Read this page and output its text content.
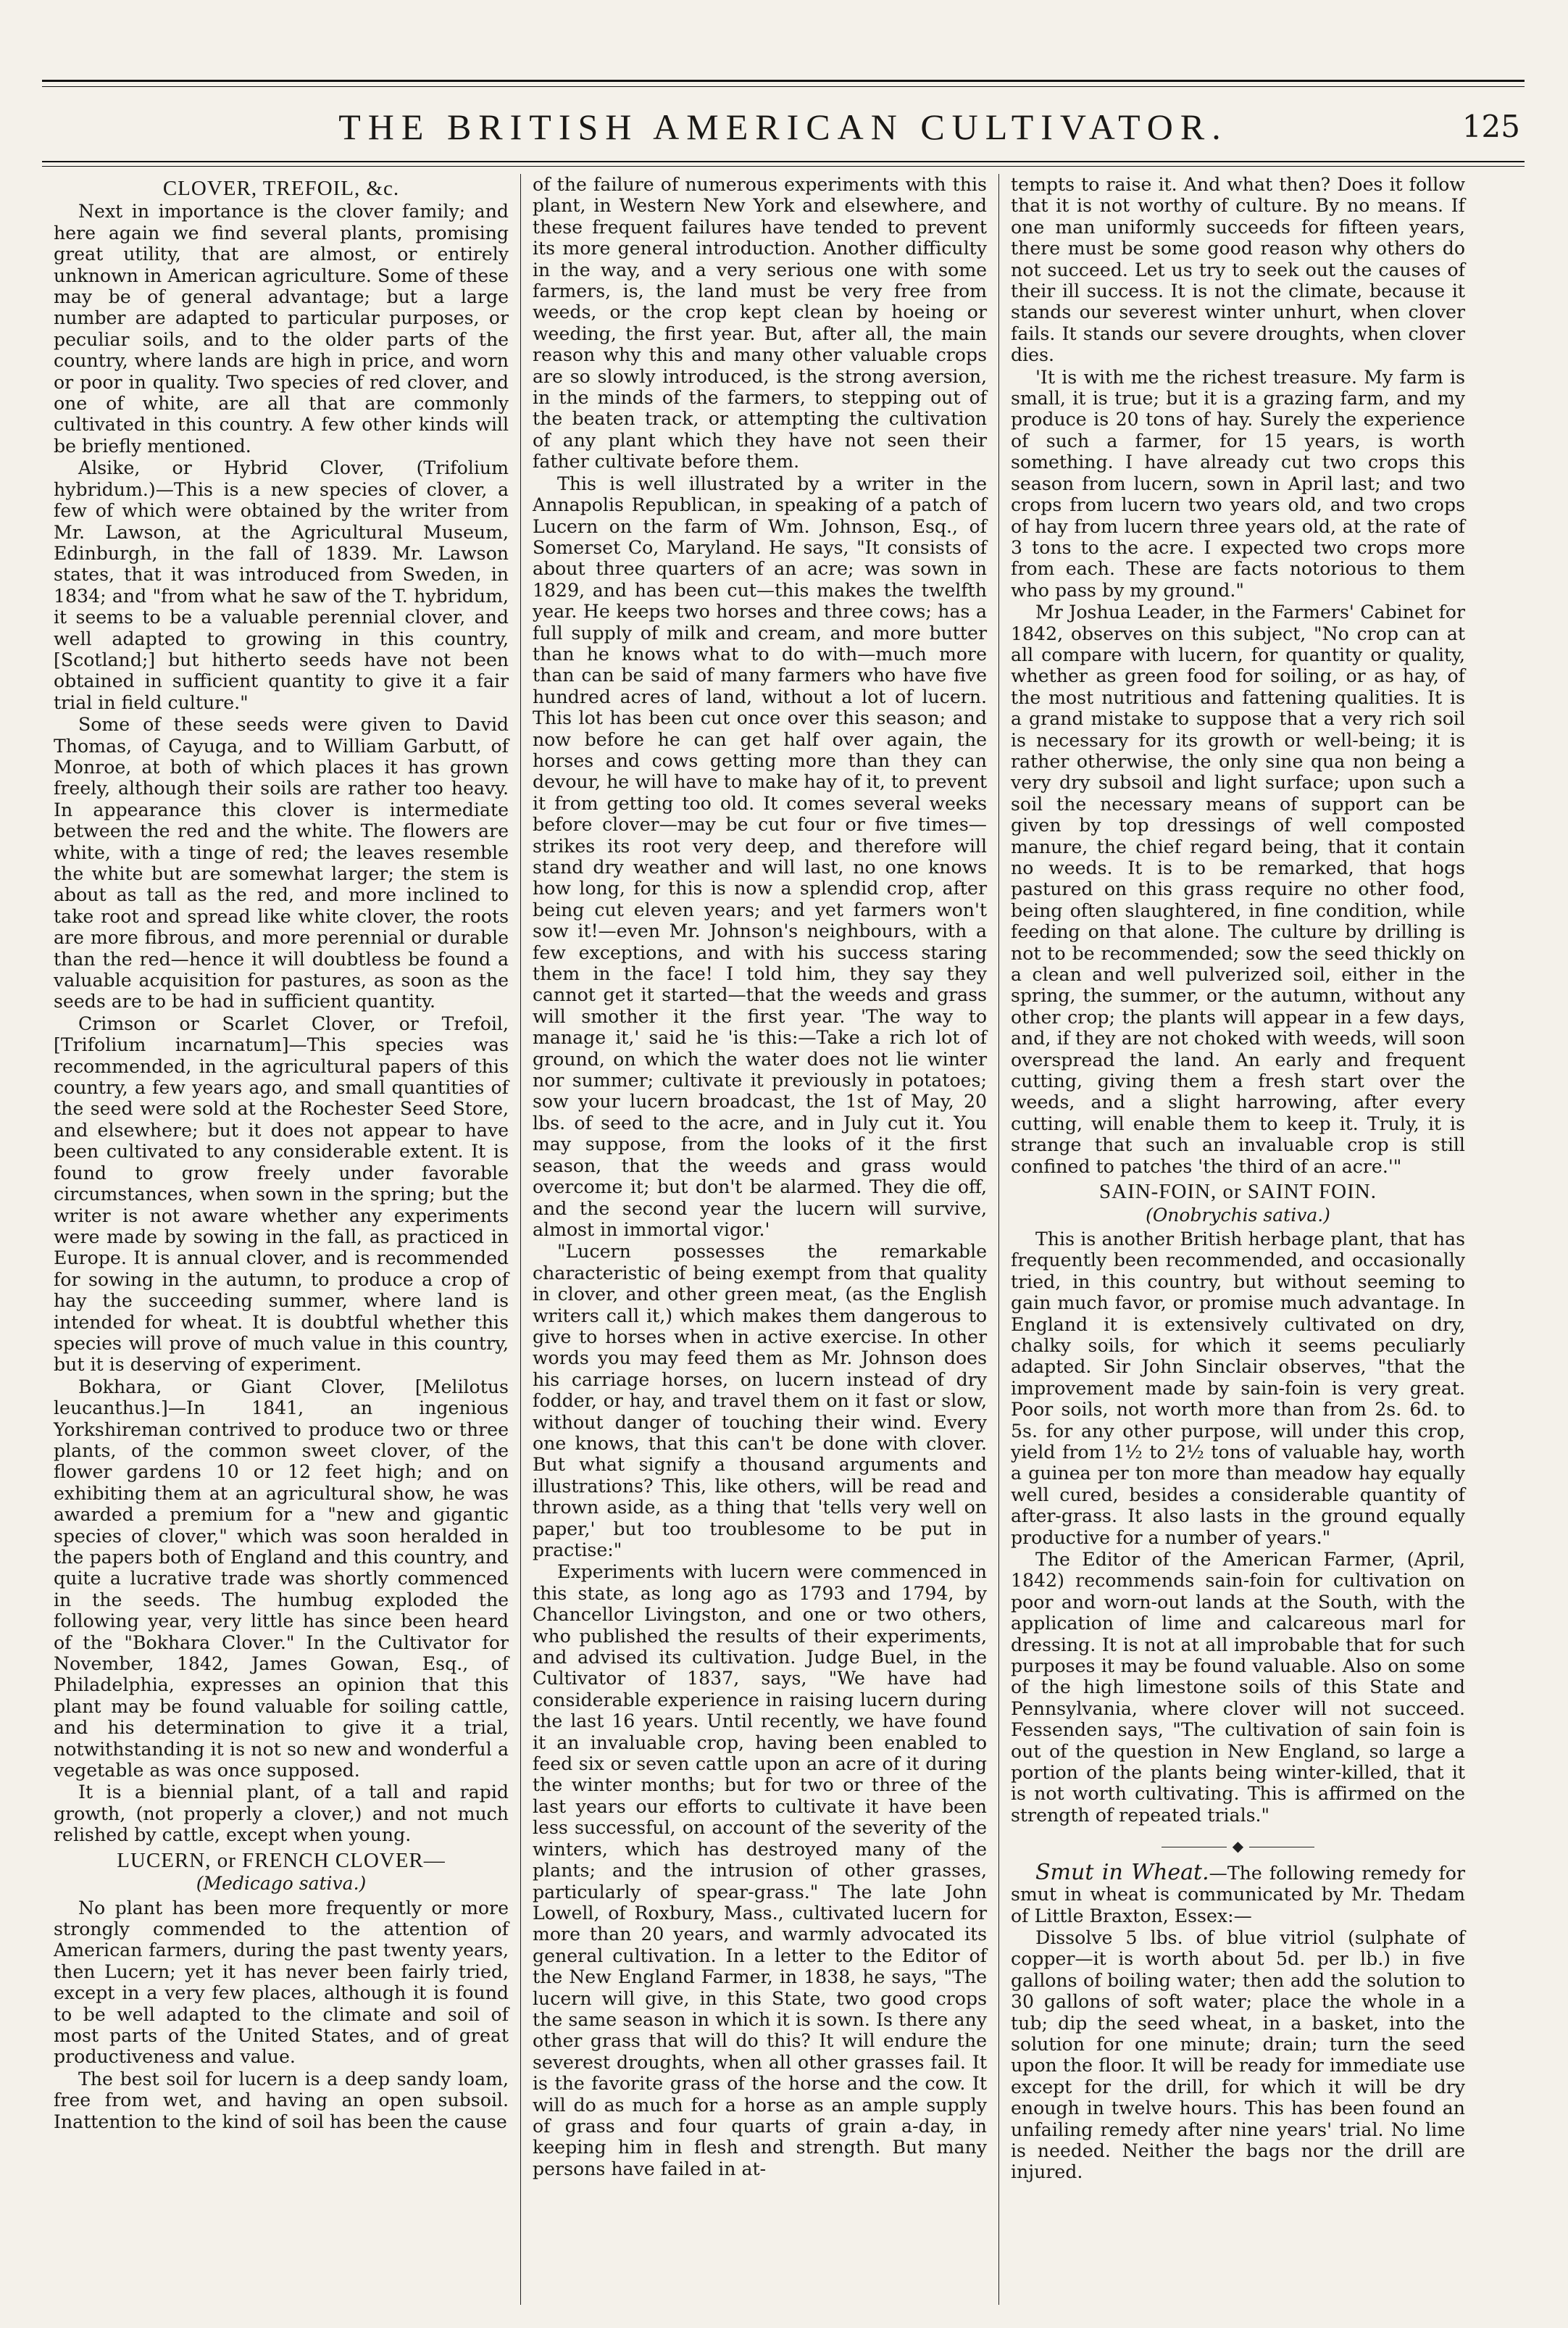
THE BRITISH AMERICAN CULTIVATOR.	125
CLOVER, TREFOIL, &c.

Next in importance is the clover family; and here again we find several plants, promising great utility, that are almost, or entirely unknown in American agriculture. Some of these may be of general advantage; but a large number are adapted to particular purposes, or peculiar soils, and to the older parts of the country, where lands are high in price, and worn or poor in quality. Two species of red clover, and one of white, are all that are commonly cultivated in this country. A few other kinds will be briefly mentioned.

Alsike, or Hybrid Clover, (Trifolium hybridum.)—This is a new species of clover, a few of which were obtained by the writer from Mr. Lawson, at the Agricultural Museum, Edinburgh, in the fall of 1839. Mr. Lawson states, that it was introduced from Sweden, in 1834; and "from what he saw of the T. hybridum, it seems to be a valuable perennial clover, and well adapted to growing in this country, [Scotland;] but hitherto seeds have not been obtained in sufficient quantity to give it a fair trial in field culture."

Some of these seeds were given to David Thomas, of Cayuga, and to William Garbutt, of Monroe, at both of which places it has grown freely, although their soils are rather too heavy. In appearance this clover is intermediate between the red and the white. The flowers are white, with a tinge of red; the leaves resemble the white but are somewhat larger; the stem is about as tall as the red, and more inclined to take root and spread like white clover, the roots are more fibrous, and more perennial or durable than the red—hence it will doubtless be found a valuable acquisition for pastures, as soon as the seeds are to be had in sufficient quantity.

Crimson or Scarlet Clover, or Trefoil, [Trifolium incarnatum]—This species was recommended, in the agricultural papers of this country, a few years ago, and small quantities of the seed were sold at the Rochester Seed Store, and elsewhere; but it does not appear to have been cultivated to any considerable extent. It is found to grow freely under favorable circumstances, when sown in the spring; but the writer is not aware whether any experiments were made by sowing in the fall, as practiced in Europe. It is annual clover, and is recommended for sowing in the autumn, to produce a crop of hay the succeeding summer, where land is intended for wheat. It is doubtful whether this species will prove of much value in this country, but it is deserving of experiment.

Bokhara, or Giant Clover, [Melilotus leucanthus.]—In 1841, an ingenious Yorkshireman contrived to produce two or three plants, of the common sweet clover, of the flower gardens 10 or 12 feet high; and on exhibiting them at an agricultural show, he was awarded a premium for a "new and gigantic species of clover," which was soon heralded in the papers both of England and this country, and quite a lucrative trade was shortly commenced in the seeds. The humbug exploded the following year, very little has since been heard of the "Bokhara Clover." In the Cultivator for November, 1842, James Gowan, Esq., of Philadelphia, expresses an opinion that this plant may be found valuable for soiling cattle, and his determination to give it a trial, notwithstanding it is not so new and wonderful a vegetable as was once supposed.

It is a biennial plant, of a tall and rapid growth, (not properly a clover,) and not much relished by cattle, except when young.

LUCERN, or FRENCH CLOVER—
(Medicago sativa.)

No plant has been more frequently or more strongly commended to the attention of American farmers, during the past twenty years, then Lucern; yet it has never been fairly tried, except in a very few places, although it is found to be well adapted to the climate and soil of most parts of the United States, and of great productiveness and value.

The best soil for lucern is a deep sandy loam, free from wet, and having an open subsoil. Inattention to the kind of soil has been the cause

of the failure of numerous experiments with this plant, in Western New York and elsewhere, and these frequent failures have tended to prevent its more general introduction. Another difficulty in the way, and a very serious one with some farmers, is, the land must be very free from weeds, or the crop kept clean by hoeing or weeding, the first year. But, after all, the main reason why this and many other valuable crops are so slowly introduced, is the strong aversion, in the minds of the farmers, to stepping out of the beaten track, or attempting the cultivation of any plant which they have not seen their father cultivate before them.

This is well illustrated by a writer in the Annapolis Republican, in speaking of a patch of Lucern on the farm of Wm. Johnson, Esq., of Somerset Co, Maryland. He says, "It consists of about three quarters of an acre; was sown in 1829, and has been cut—this makes the twelfth year. He keeps two horses and three cows; has a full supply of milk and cream, and more butter than he knows what to do with—much more than can be said of many farmers who have five hundred acres of land, without a lot of lucern. This lot has been cut once over this season; and now before he can get half over again, the horses and cows getting more than they can devour, he will have to make hay of it, to prevent it from getting too old. It comes several weeks before clover—may be cut four or five times—strikes its root very deep, and therefore will stand dry weather and will last, no one knows how long, for this is now a splendid crop, after being cut eleven years; and yet farmers won't sow it!—even Mr. Johnson's neighbours, with a few exceptions, and with his success staring them in the face! I told him, they say they cannot get it started—that the weeds and grass will smother it the first year. 'The way to manage it,' said he 'is this:—Take a rich lot of ground, on which the water does not lie winter nor summer; cultivate it previously in potatoes; sow your lucern broadcast, the 1st of May, 20 lbs. of seed to the acre, and in July cut it. You may suppose, from the looks of it the first season, that the weeds and grass would overcome it; but don't be alarmed. They die off, and the second year the lucern will survive, almost in immortal vigor.'

"Lucern possesses the remarkable characteristic of being exempt from that quality in clover, and other green meat, (as the English writers call it,) which makes them dangerous to give to horses when in active exercise. In other words you may feed them as Mr. Johnson does his carriage horses, on lucern instead of dry fodder, or hay, and travel them on it fast or slow, without danger of touching their wind. Every one knows, that this can't be done with clover. But what signify a thousand arguments and illustrations? This, like others, will be read and thrown aside, as a thing that 'tells very well on paper,' but too troublesome to be put in practise:"

Experiments with lucern were commenced in this state, as long ago as 1793 and 1794, by Chancellor Livingston, and one or two others, who published the results of their experiments, and advised its cultivation. Judge Buel, in the Cultivator of 1837, says, "We have had considerable experience in raising lucern during the last 16 years. Until recently, we have found it an invaluable crop, having been enabled to feed six or seven cattle upon an acre of it during the winter months; but for two or three of the last years our efforts to cultivate it have been less successful, on account of the severity of the winters, which has destroyed many of the plants; and the intrusion of other grasses, particularly of spear-grass." The late John Lowell, of Roxbury, Mass., cultivated lucern for more than 20 years, and warmly advocated its general cultivation. In a letter to the Editor of the New England Farmer, in 1838, he says, "The lucern will give, in this State, two good crops the same season in which it is sown. Is there any other grass that will do this? It will endure the severest droughts, when all other grasses fail. It is the favorite grass of the horse and the cow. It will do as much for a horse as an ample supply of grass and four quarts of grain a-day, in keeping him in flesh and strength. But many persons have failed in at-

tempts to raise it. And what then? Does it follow that it is not worthy of culture. By no means. If one man uniformly succeeds for fifteen years, there must be some good reason why others do not succeed. Let us try to seek out the causes of their ill success. It is not the climate, because it stands our severest winter unhurt, when clover fails. It stands our severe droughts, when clover dies.

'It is with me the richest treasure. My farm is small, it is true; but it is a grazing farm, and my produce is 20 tons of hay. Surely the experience of such a farmer, for 15 years, is worth something. I have already cut two crops this season from lucern, sown in April last; and two crops from lucern two years old, and two crops of hay from lucern three years old, at the rate of 3 tons to the acre. I expected two crops more from each. These are facts notorious to them who pass by my ground."

Mr Joshua Leader, in the Farmers' Cabinet for 1842, observes on this subject, "No crop can at all compare with lucern, for quantity or quality, whether as green food for soiling, or as hay, of the most nutritious and fattening qualities. It is a grand mistake to suppose that a very rich soil is necessary for its growth or well-being; it is rather otherwise, the only sine qua non being a very dry subsoil and light surface; upon such a soil the necessary means of support can be given by top dressings of well composted manure, the chief regard being, that it contain no weeds. It is to be remarked, that hogs pastured on this grass require no other food, being often slaughtered, in fine condition, while feeding on that alone. The culture by drilling is not to be recommended; sow the seed thickly on a clean and well pulverized soil, either in the spring, the summer, or the autumn, without any other crop; the plants will appear in a few days, and, if they are not choked with weeds, will soon overspread the land. An early and frequent cutting, giving them a fresh start over the weeds, and a slight harrowing, after every cutting, will enable them to keep it. Truly, it is strange that such an invaluable crop is still confined to patches 'the third of an acre.'"

SAIN-FOIN, or SAINT FOIN.
(Onobrychis sativa.)

This is another British herbage plant, that has frequently been recommended, and occasionally tried, in this country, but without seeming to gain much favor, or promise much advantage. In England it is extensively cultivated on dry, chalky soils, for which it seems peculiarly adapted. Sir John Sinclair observes, "that the improvement made by sain-foin is very great. Poor soils, not worth more than from 2s. 6d. to 5s. for any other purpose, will under this crop, yield from 1½ to 2½ tons of valuable hay, worth a guinea per ton more than meadow hay equally well cured, besides a considerable quantity of after-grass. It also lasts in the ground equally productive for a number of years."

The Editor of the American Farmer, (April, 1842) recommends sain-foin for cultivation on poor and worn-out lands at the South, with the application of lime and calcareous marl for dressing. It is not at all improbable that for such purposes it may be found valuable. Also on some of the high limestone soils of this State and Pennsylvania, where clover will not succeed. Fessenden says, "The cultivation of sain foin is out of the question in New England, so large a portion of the plants being winter-killed, that it is not worth cultivating. This is affirmed on the strength of repeated trials."

◆

Smut in Wheat.—The following remedy for smut in wheat is communicated by Mr. Thedam of Little Braxton, Essex:—

Dissolve 5 lbs. of blue vitriol (sulphate of copper—it is worth about 5d. per lb.) in five gallons of boiling water; then add the solution to 30 gallons of soft water; place the whole in a tub; dip the seed wheat, in a basket, into the solution for one minute; drain; turn the seed upon the floor. It will be ready for immediate use except for the drill, for which it will be dry enough in twelve hours. This has been found an unfailing remedy after nine years' trial. No lime is needed. Neither the bags nor the drill are injured.
